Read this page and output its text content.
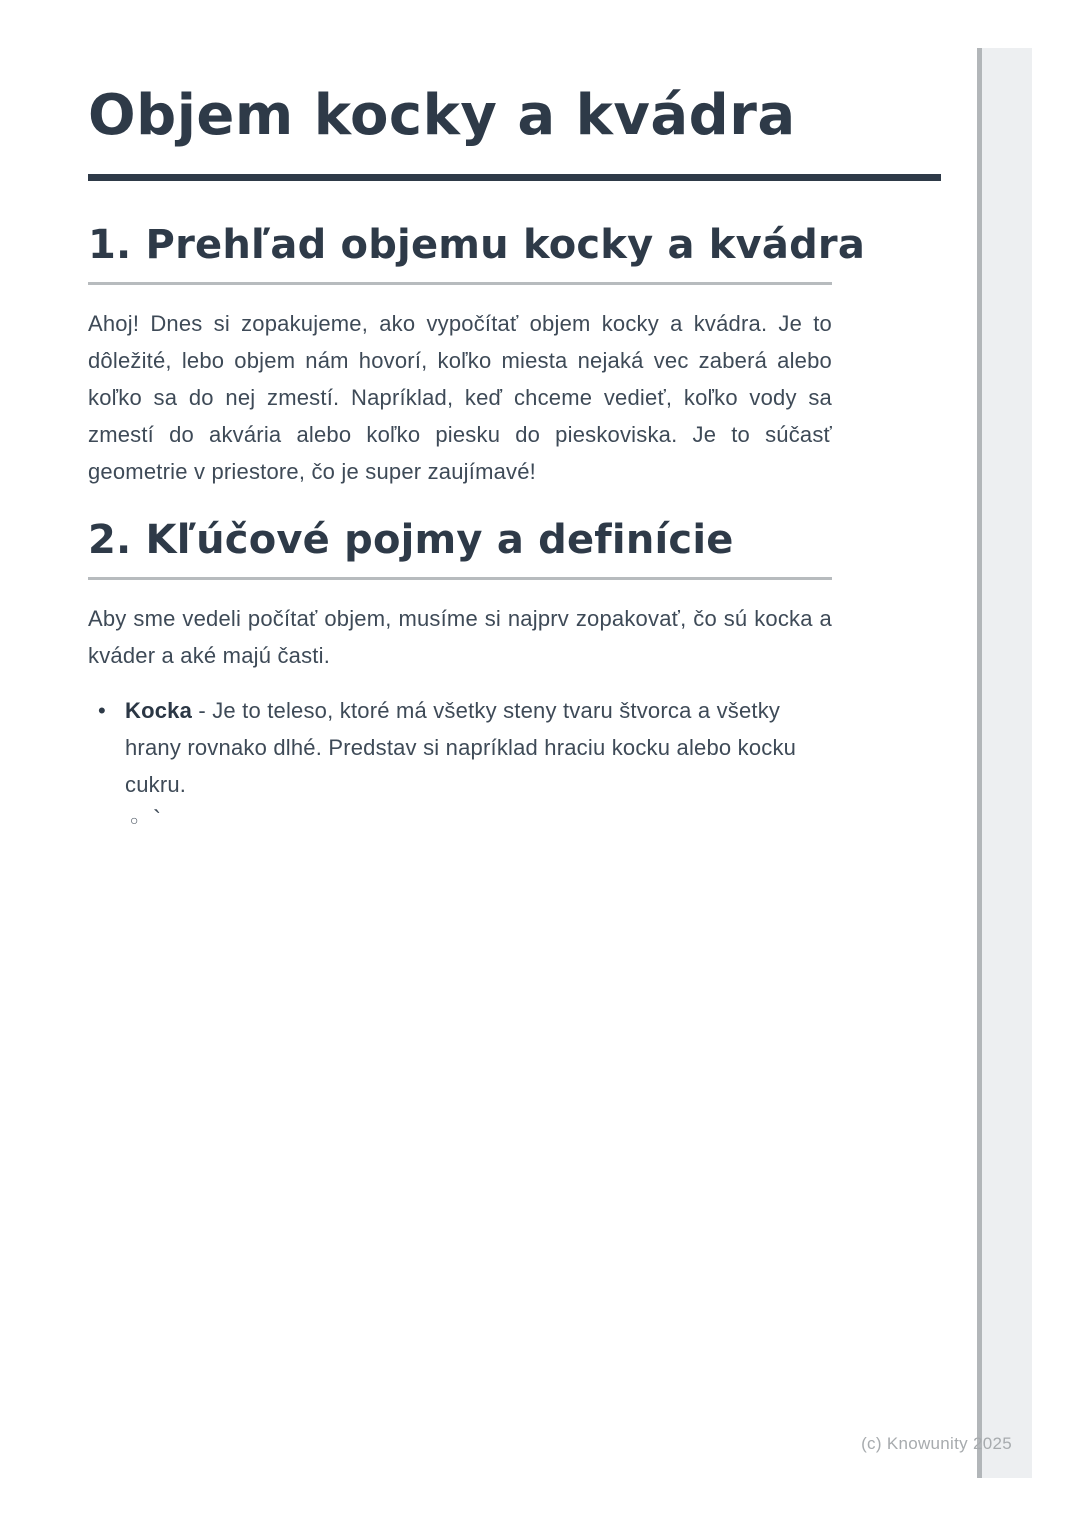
Objem kocky a kvádra
1. Prehľad objemu kocky a kvádra

Ahoj! Dnes si zopakujeme, ako vypočítať objem kocky a kvádra. Je to dôležité, lebo objem nám hovorí, koľko miesta nejaká vec zaberá alebo koľko sa do nej zmestí. Napríklad, keď chceme vedieť, koľko vody sa zmestí do akvária alebo koľko piesku do pieskoviska. Je to súčasť geometrie v priestore, čo je super zaujímavé!

2. Kľúčové pojmy a definície

Aby sme vedeli počítať objem, musíme si najprv zopakovať, čo sú kocka a kváder a aké majú časti.

• Kocka - Je to teleso, ktoré má všetky steny tvaru štvorca a všetky hrany rovnako dlhé. Predstav si napríklad hraciu kocku alebo kocku cukru.
○ `
(c) Knowunity 2025
